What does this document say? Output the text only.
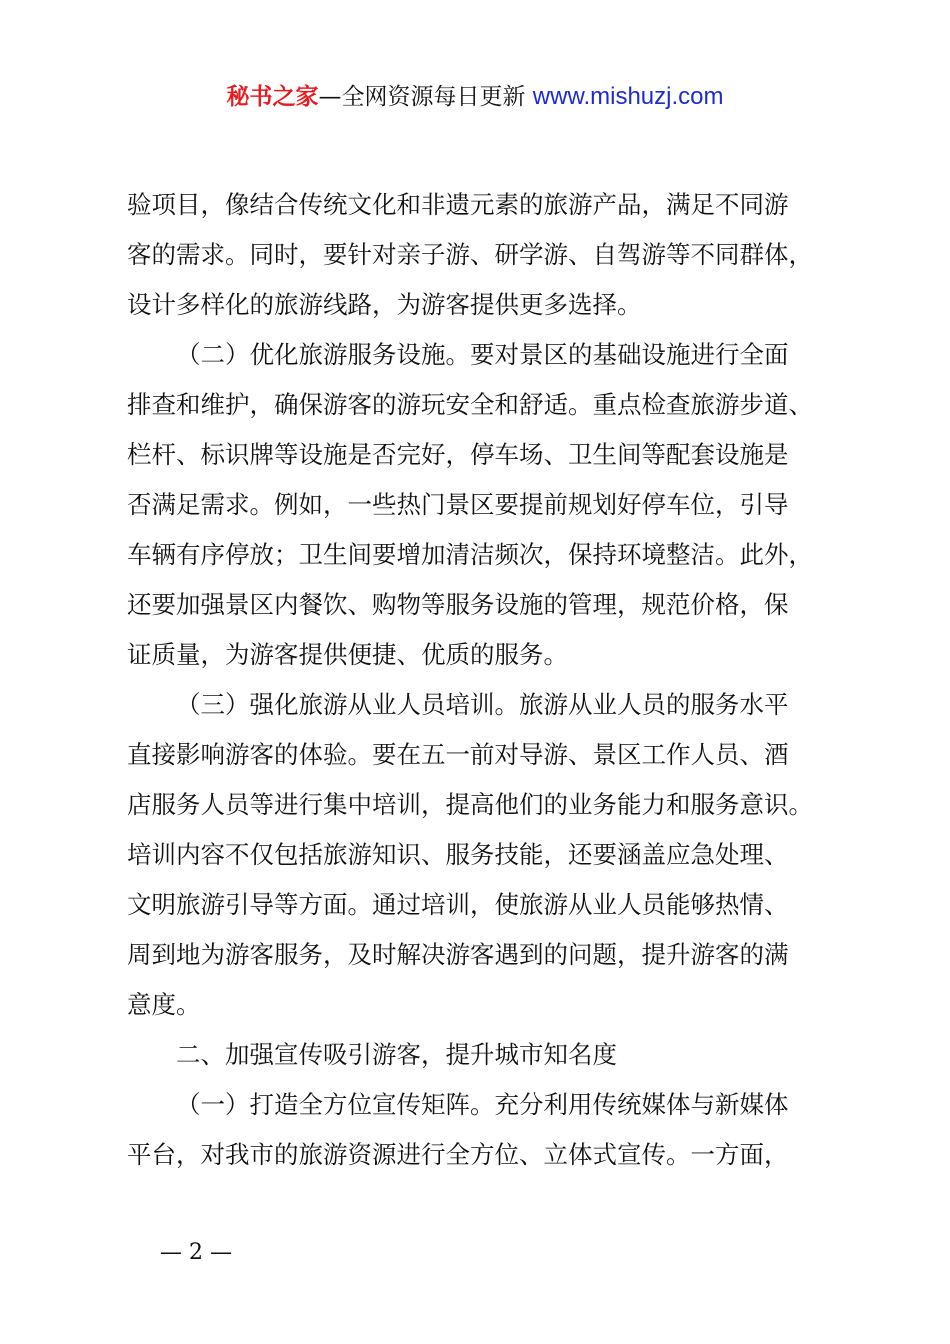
秘书之家—全网资源每日更新 www.mishuzj.com
验项目，像结合传统文化和非遗元素的旅游产品，满足不同游
客的需求。同时，要针对亲子游、研学游、自驾游等不同群体，
设计多样化的旅游线路，为游客提供更多选择。
（二）优化旅游服务设施。要对景区的基础设施进行全面
排查和维护，确保游客的游玩安全和舒适。重点检查旅游步道、
栏杆、标识牌等设施是否完好，停车场、卫生间等配套设施是
否满足需求。例如，一些热门景区要提前规划好停车位，引导
车辆有序停放；卫生间要增加清洁频次，保持环境整洁。此外，
还要加强景区内餐饮、购物等服务设施的管理，规范价格，保
证质量，为游客提供便捷、优质的服务。
（三）强化旅游从业人员培训。旅游从业人员的服务水平
直接影响游客的体验。要在五一前对导游、景区工作人员、酒
店服务人员等进行集中培训，提高他们的业务能力和服务意识。
培训内容不仅包括旅游知识、服务技能，还要涵盖应急处理、
文明旅游引导等方面。通过培训，使旅游从业人员能够热情、
周到地为游客服务，及时解决游客遇到的问题，提升游客的满
意度。
二、加强宣传吸引游客，提升城市知名度
（一）打造全方位宣传矩阵。充分利用传统媒体与新媒体
平台，对我市的旅游资源进行全方位、立体式宣传。一方面，
— 2 —
